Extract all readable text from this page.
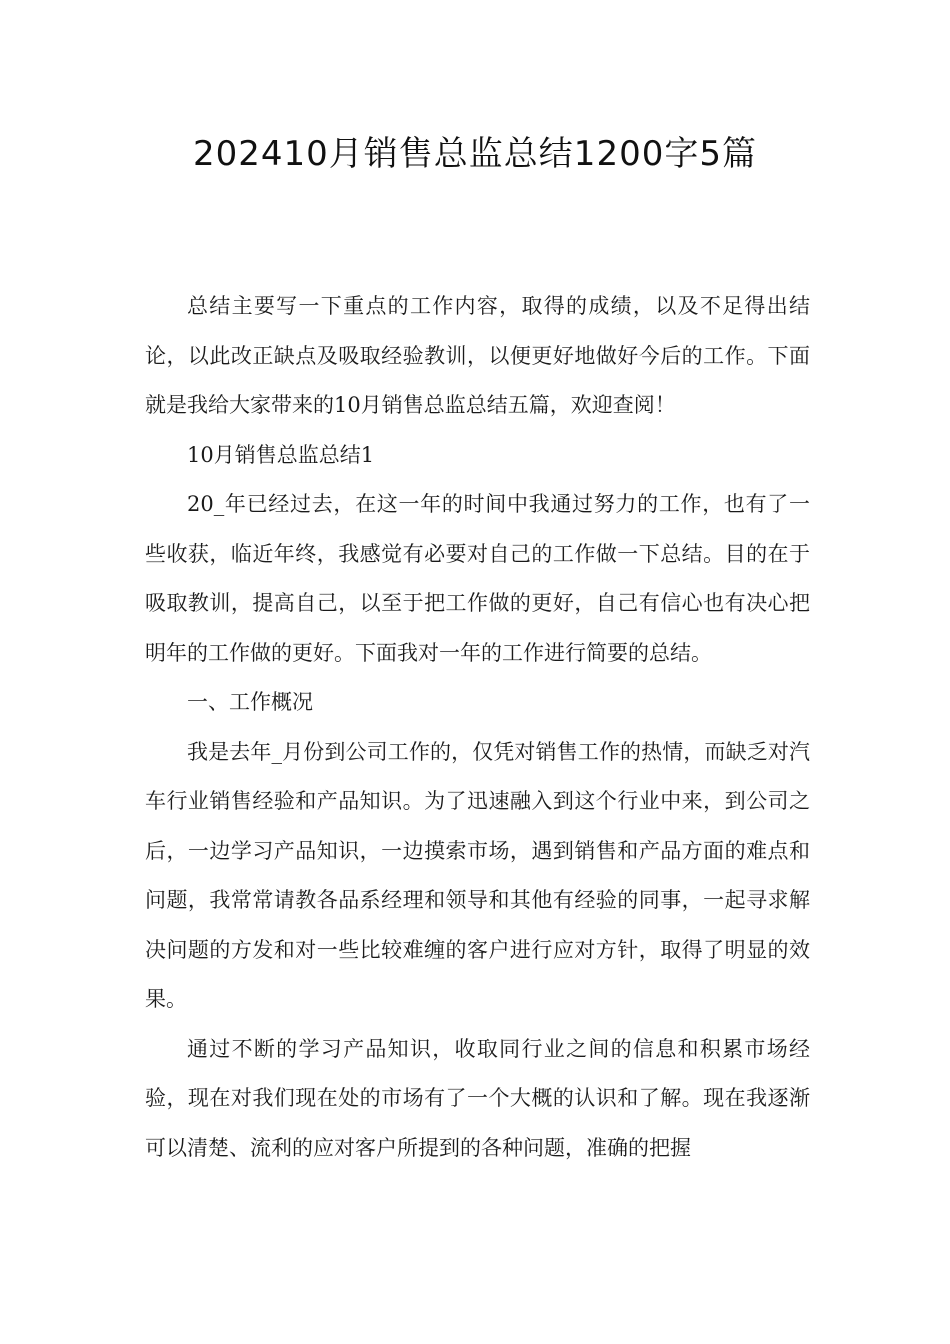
202410月销售总监总结1200字5篇

总结主要写一下重点的工作内容，取得的成绩，以及不足得出结论，以此改正缺点及吸取经验教训，以便更好地做好今后的工作。下面就是我给大家带来的10月销售总监总结五篇，欢迎查阅！

10月销售总监总结1

20_年已经过去，在这一年的时间中我通过努力的工作，也有了一些收获，临近年终，我感觉有必要对自己的工作做一下总结。目的在于吸取教训，提高自己，以至于把工作做的更好，自己有信心也有决心把明年的工作做的更好。下面我对一年的工作进行简要的总结。

一、工作概况

我是去年_月份到公司工作的，仅凭对销售工作的热情，而缺乏对汽车行业销售经验和产品知识。为了迅速融入到这个行业中来，到公司之后，一边学习产品知识，一边摸索市场，遇到销售和产品方面的难点和问题，我常常请教各品系经理和领导和其他有经验的同事，一起寻求解决问题的方发和对一些比较难缠的客户进行应对方针，取得了明显的效果。

通过不断的学习产品知识，收取同行业之间的信息和积累市场经验，现在对我们现在处的市场有了一个大概的认识和了解。现在我逐渐可以清楚、流利的应对客户所提到的各种问题，准确的把握
